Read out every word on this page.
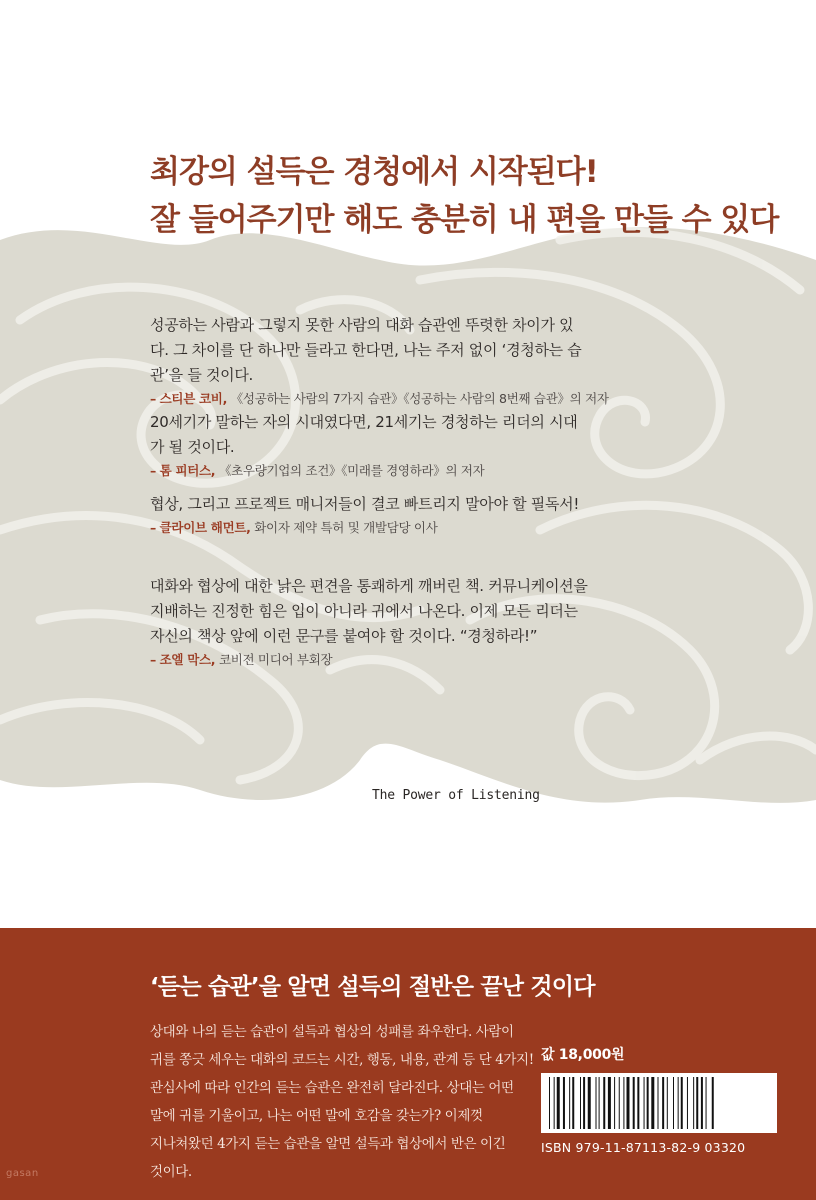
최강의 설득은 경청에서 시작된다!
잘 들어주기만 해도 충분히 내 편을 만들 수 있다
성공하는 사람과 그렇지 못한 사람의 대화 습관엔 뚜렷한 차이가 있다. 그 차이를 단 하나만 들라고 한다면, 나는 주저 없이 ‘경청하는 습관’을 들 것이다.
– 스티븐 코비, 《성공하는 사람의 7가지 습관》《성공하는 사람의 8번째 습관》의 저자
20세기가 말하는 자의 시대였다면, 21세기는 경청하는 리더의 시대가 될 것이다.
– 톰 피터스, 《초우량기업의 조건》《미래를 경영하라》의 저자
협상, 그리고 프로젝트 매니저들이 결코 빠트리지 말아야 할 필독서!
– 클라이브 해먼트, 화이자 제약 특허 및 개발담당 이사
대화와 협상에 대한 낡은 편견을 통쾌하게 깨버린 책. 커뮤니케이션을 지배하는 진정한 힘은 입이 아니라 귀에서 나온다. 이제 모든 리더는 자신의 책상 앞에 이런 문구를 붙여야 할 것이다. “경청하라!”
– 조엘 막스, 코비전 미디어 부회장
The Power of Listening
‘듣는 습관’을 알면 설득의 절반은 끝난 것이다
상대와 나의 듣는 습관이 설득과 협상의 성패를 좌우한다. 사람이 귀를 쫑긋 세우는 대화의 코드는 시간, 행동, 내용, 관계 등 단 4가지! 관심사에 따라 인간의 듣는 습관은 완전히 달라진다. 상대는 어떤 말에 귀를 기울이고, 나는 어떤 말에 호감을 갖는가? 이제껏 지나쳐왔던 4가지 듣는 습관을 알면 설득과 협상에서 반은 이긴 것이다.
값 18,000원
ISBN 979-11-87113-82-9 03320
gasan
